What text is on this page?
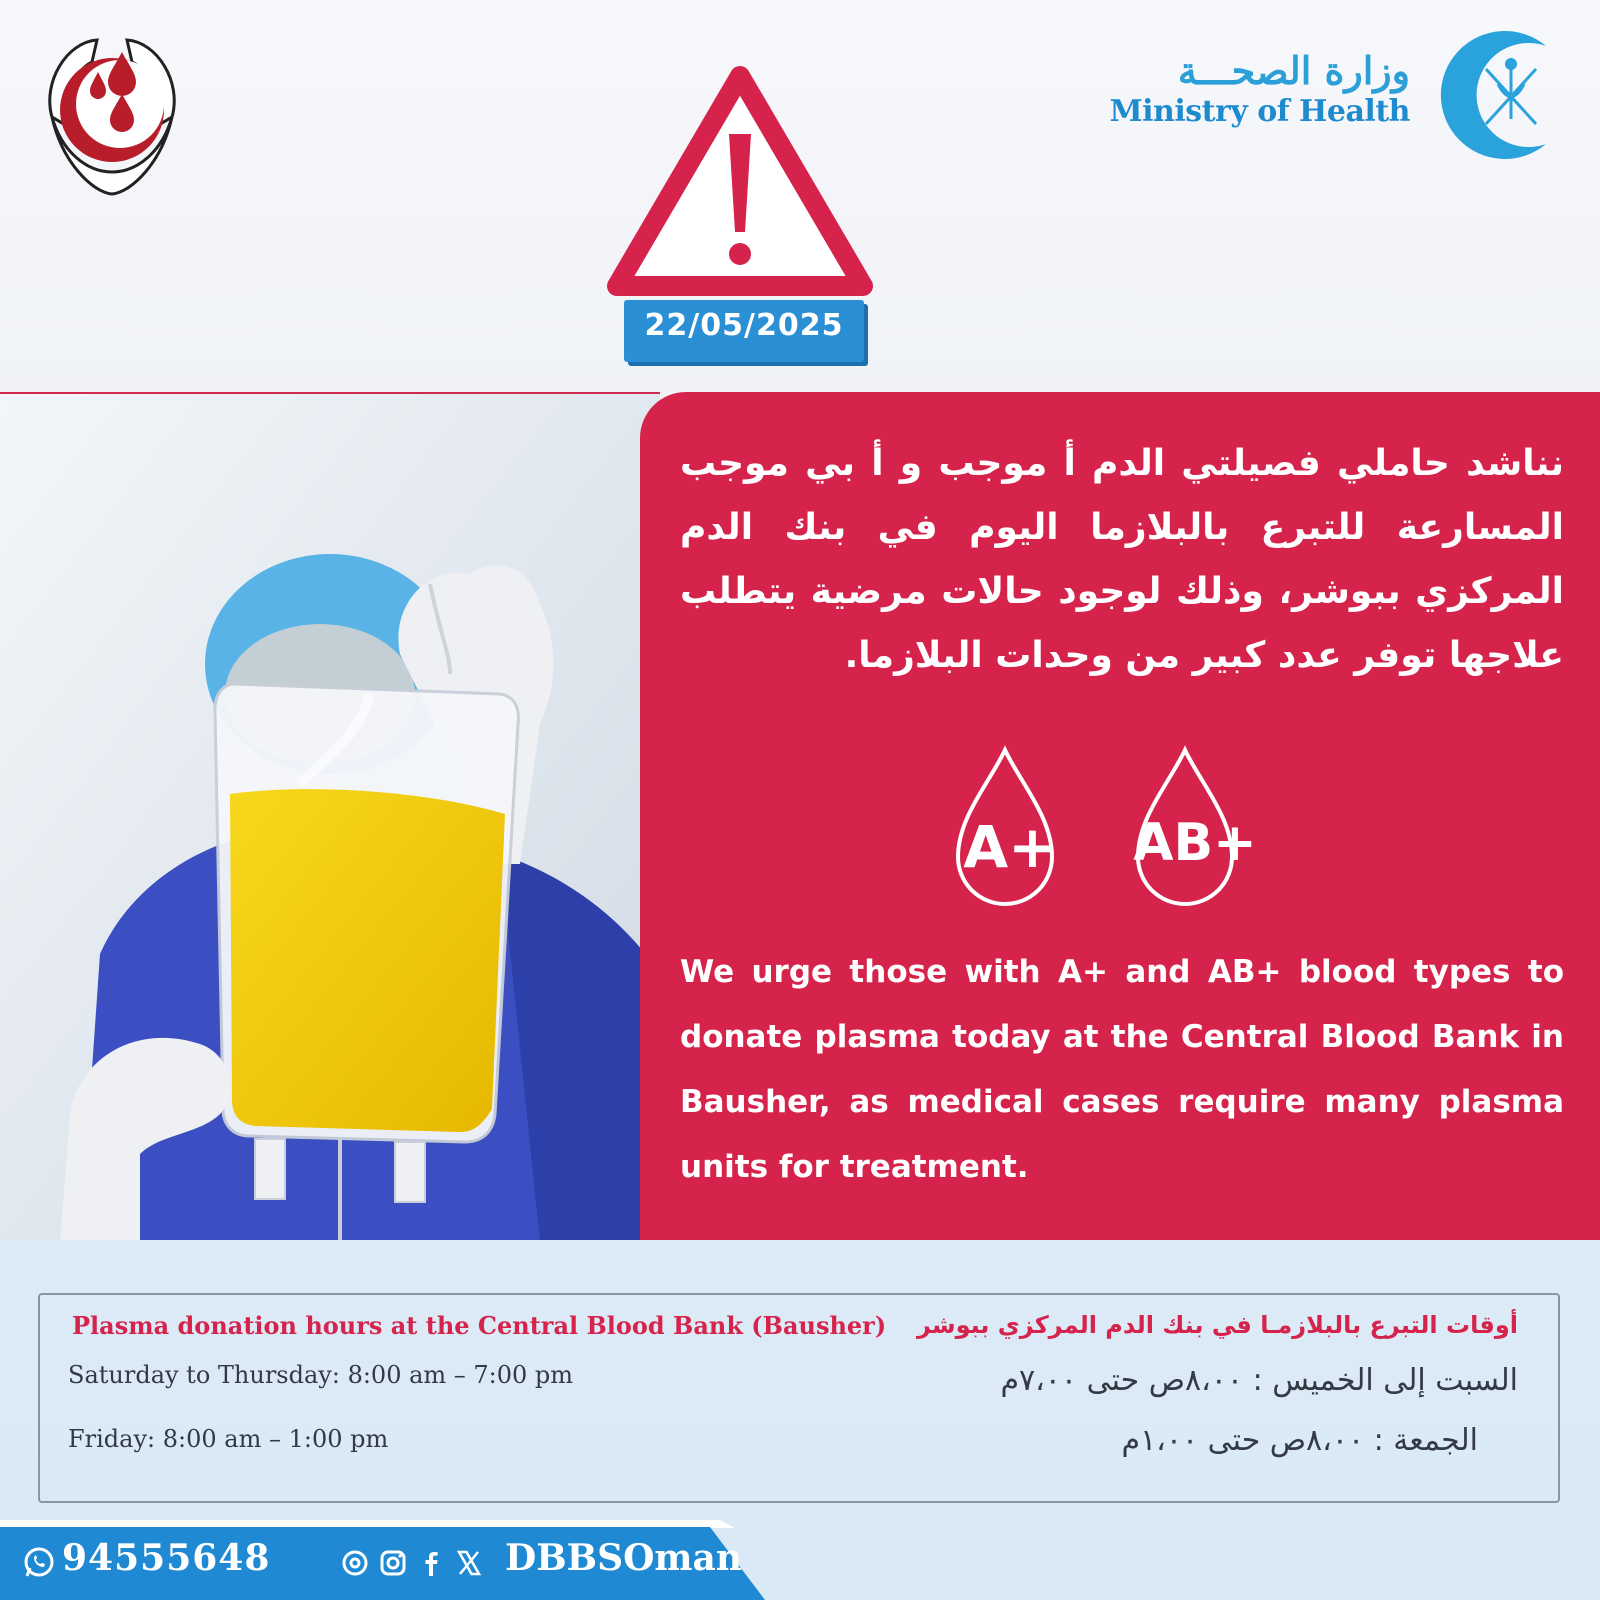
وزارة الصحـــة
Ministry of Health
22/05/2025
نناشد حاملي فصيلتي الدم أ موجب و أ بي موجب المسارعة للتبرع بالبلازما اليوم في بنك الدم المركزي ببوشر، وذلك لوجود حالات مرضية يتطلب علاجها توفر عدد كبير من وحدات البلازما.
A+ AB+
We urge those with A+ and AB+ blood types to donate plasma today at the Central Blood Bank in Bausher, as medical cases require many plasma units for treatment.
Plasma donation hours at the Central Blood Bank (Bausher)
Saturday to Thursday: 8:00 am – 7:00 pm
Friday: 8:00 am – 1:00 pm
أوقات التبرع بالبلازمـا في بنك الدم المركزي ببوشر
السبت إلى الخميس : ٨،٠٠ص حتى ٧،٠٠م
الجمعة : ٨،٠٠ص حتى ١،٠٠م
94555648	DBBSOman
